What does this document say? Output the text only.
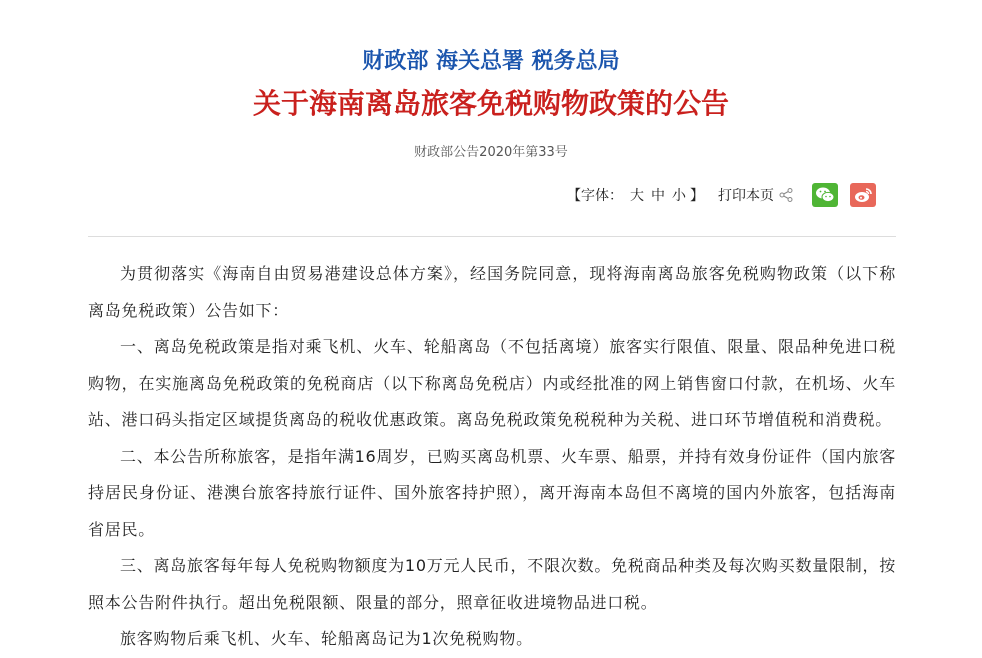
财政部 海关总署 税务总局
关于海南离岛旅客免税购物政策的公告
财政部公告2020年第33号
【字体： 大 中 小 】 打印本页

为贯彻落实《海南自由贸易港建设总体方案》，经国务院同意，现将海南离岛旅客免税购物政策（以下称离岛免税政策）公告如下：

一、离岛免税政策是指对乘飞机、火车、轮船离岛（不包括离境）旅客实行限值、限量、限品种免进口税购物，在实施离岛免税政策的免税商店（以下称离岛免税店）内或经批准的网上销售窗口付款，在机场、火车站、港口码头指定区域提货离岛的税收优惠政策。离岛免税政策免税税种为关税、进口环节增值税和消费税。

二、本公告所称旅客，是指年满16周岁，已购买离岛机票、火车票、船票，并持有效身份证件（国内旅客持居民身份证、港澳台旅客持旅行证件、国外旅客持护照），离开海南本岛但不离境的国内外旅客，包括海南省居民。

三、离岛旅客每年每人免税购物额度为10万元人民币，不限次数。免税商品种类及每次购买数量限制，按照本公告附件执行。超出免税限额、限量的部分，照章征收进境物品进口税。

旅客购物后乘飞机、火车、轮船离岛记为1次免税购物。
